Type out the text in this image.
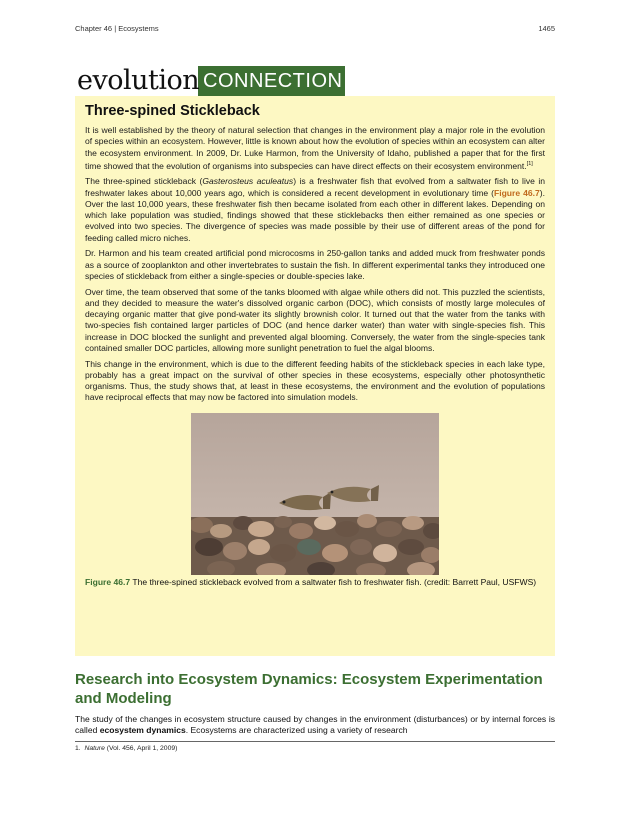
Chapter 46 | Ecosystems	1465
evolution CONNECTION
Three-spined Stickleback

It is well established by the theory of natural selection that changes in the environment play a major role in the evolution of species within an ecosystem. However, little is known about how the evolution of species within an ecosystem can alter the ecosystem environment. In 2009, Dr. Luke Harmon, from the University of Idaho, published a paper that for the first time showed that the evolution of organisms into subspecies can have direct effects on their ecosystem environment.[1]

The three-spined stickleback (Gasterosteus aculeatus) is a freshwater fish that evolved from a saltwater fish to live in freshwater lakes about 10,000 years ago, which is considered a recent development in evolutionary time (Figure 46.7). Over the last 10,000 years, these freshwater fish then became isolated from each other in different lakes. Depending on which lake population was studied, findings showed that these sticklebacks then either remained as one species or evolved into two species. The divergence of species was made possible by their use of different areas of the pond for feeding called micro niches.

Dr. Harmon and his team created artificial pond microcosms in 250-gallon tanks and added muck from freshwater ponds as a source of zooplankton and other invertebrates to sustain the fish. In different experimental tanks they introduced one species of stickleback from either a single-species or double-species lake.

Over time, the team observed that some of the tanks bloomed with algae while others did not. This puzzled the scientists, and they decided to measure the water's dissolved organic carbon (DOC), which consists of mostly large molecules of decaying organic matter that give pond-water its slightly brownish color. It turned out that the water from the tanks with two-species fish contained larger particles of DOC (and hence darker water) than water with single-species fish. This increase in DOC blocked the sunlight and prevented algal blooming. Conversely, the water from the single-species tank contained smaller DOC particles, allowing more sunlight penetration to fuel the algal blooms.

This change in the environment, which is due to the different feeding habits of the stickleback species in each lake type, probably has a great impact on the survival of other species in these ecosystems, especially other photosynthetic organisms. Thus, the study shows that, at least in these ecosystems, the environment and the evolution of populations have reciprocal effects that may now be factored into simulation models.

Figure 46.7 The three-spined stickleback evolved from a saltwater fish to freshwater fish. (credit: Barrett Paul, USFWS)
Research into Ecosystem Dynamics: Ecosystem Experimentation and Modeling

The study of the changes in ecosystem structure caused by changes in the environment (disturbances) or by internal forces is called ecosystem dynamics. Ecosystems are characterized using a variety of research

1. Nature (Vol. 456, April 1, 2009)
